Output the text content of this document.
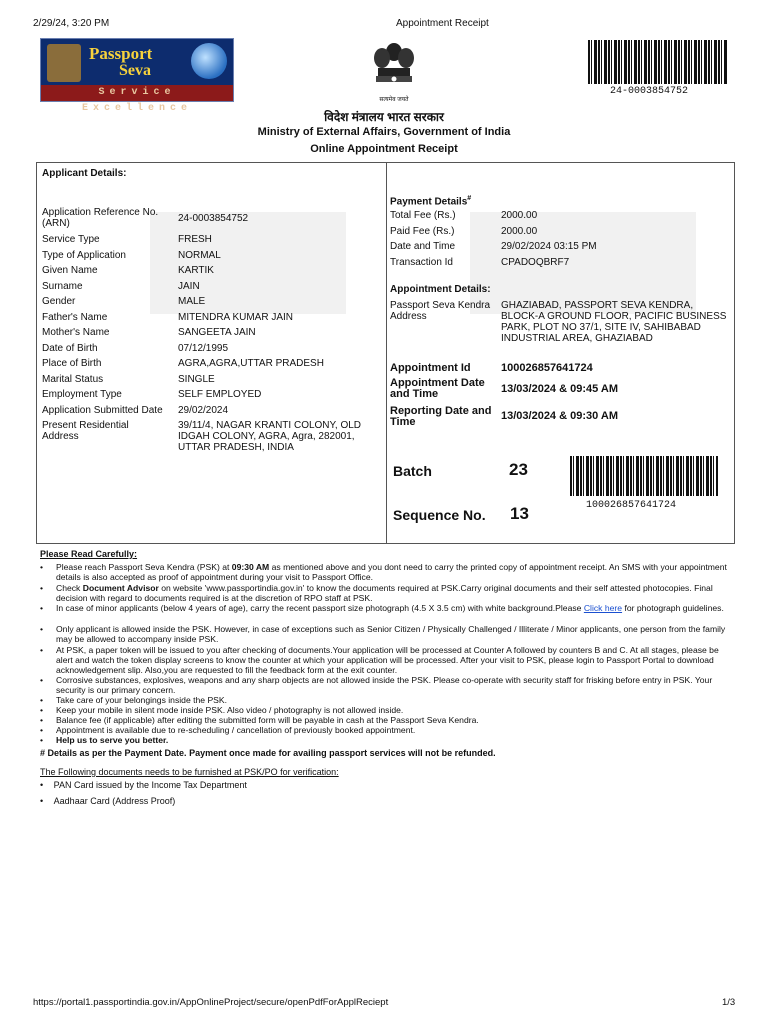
2/29/24, 3:20 PM	Appointment Receipt
Passport
Seva
Service Excellence
सत्यमेव जयते
24-0003854752
विदेश मंत्रालय भारत सरकार
Ministry of External Affairs, Government of India
Online Appointment Receipt
Applicant Details:
Application Reference No. (ARN)	24-0003854752
Service Type	FRESH
Type of Application	NORMAL
Given Name	KARTIK
Surname	JAIN
Gender	MALE
Father's Name	MITENDRA KUMAR JAIN
Mother's Name	SANGEETA JAIN
Date of Birth	07/12/1995
Place of Birth	AGRA,AGRA,UTTAR PRADESH
Marital Status	SINGLE
Employment Type	SELF EMPLOYED
Application Submitted Date 29/02/2024
Present Residential Address
39/11/4, NAGAR KRANTI COLONY, OLD IDGAH COLONY, AGRA, Agra, 282001, UTTAR PRADESH, INDIA
Payment Details#
Total Fee (Rs.)	2000.00
Paid Fee (Rs.)	2000.00
Date and Time	29/02/2024 03:15 PM
Transaction Id	CPADOQBRF7
Appointment Details:
Passport Seva Kendra Address
GHAZIABAD, PASSPORT SEVA KENDRA, BLOCK-A GROUND FLOOR, PACIFIC BUSINESS PARK, PLOT NO 37/1, SITE IV, SAHIBABAD INDUSTRIAL AREA, GHAZIABAD
Appointment Id	100026857641724
Appointment Date and Time	13/03/2024 & 09:45 AM
Reporting Date and Time	13/03/2024 & 09:30 AM
Batch	23
Sequence No. 13	100026857641724
Please Read Carefully:
• Please reach Passport Seva Kendra (PSK) at 09:30 AM as mentioned above and you dont need to carry the printed copy of appointment receipt. An SMS with your appointment details is also accepted as proof of appointment during your visit to Passport Office.
• Check Document Advisor on website 'www.passportindia.gov.in' to know the documents required at PSK.Carry original documents and their self attested photocopies. Final decision with regard to documents required is at the discretion of RPO staff at PSK.
• In case of minor applicants (below 4 years of age), carry the recent passport size photograph (4.5 X 3.5 cm) with white background.Please Click here for photograph guidelines.
• Only applicant is allowed inside the PSK. However, in case of exceptions such as Senior Citizen / Physically Challenged / Illiterate / Minor applicants, one person from the family may be allowed to accompany inside PSK.
• At PSK, a paper token will be issued to you after checking of documents.Your application will be processed at Counter A followed by counters B and C. At all stages, please be alert and watch the token display screens to know the counter at which your application will be processed. After your visit to PSK, please login to Passport Portal to download acknowledgement slip. Also,you are requested to fill the feedback form at the exit counter.
• Corrosive substances, explosives, weapons and any sharp objects are not allowed inside the PSK. Please co-operate with security staff for frisking before entry in PSK. Your security is our primary concern.
• Take care of your belongings inside the PSK.
• Keep your mobile in silent mode inside PSK. Also video / photography is not allowed inside.
• Balance fee (if applicable) after editing the submitted form will be payable in cash at the Passport Seva Kendra.
• Appointment is available due to re-scheduling / cancellation of previously booked appointment.
• Help us to serve you better.
# Details as per the Payment Date. Payment once made for availing passport services will not be refunded.
The Following documents needs to be furnished at PSK/PO for verification:
• PAN Card issued by the Income Tax Department
• Aadhaar Card (Address Proof)
https://portal1.passportindia.gov.in/AppOnlineProject/secure/openPdfForApplReciept	1/3
